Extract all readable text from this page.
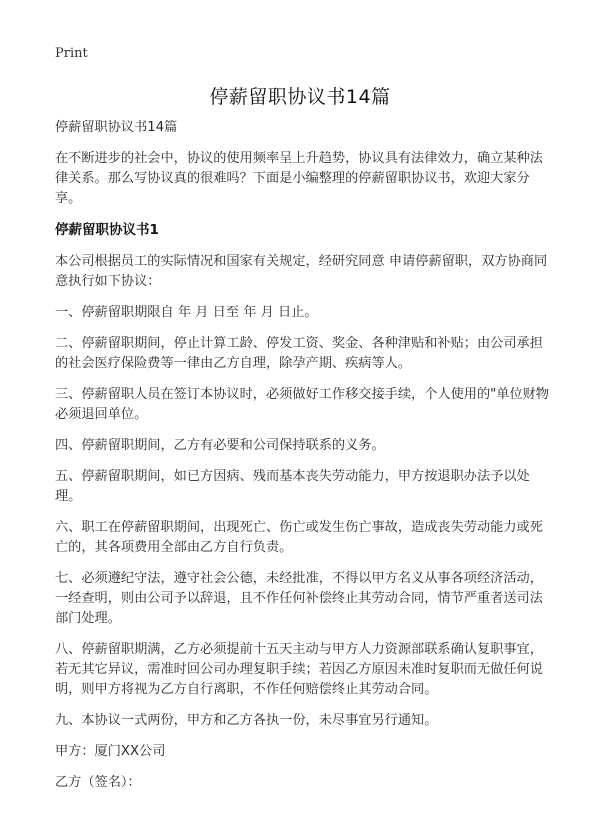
Print
停薪留职协议书14篇
停薪留职协议书14篇
在不断进步的社会中，协议的使用频率呈上升趋势，协议具有法律效力，确立某种法律关系。那么写协议真的很难吗？下面是小编整理的停薪留职协议书，欢迎大家分享。
停薪留职协议书1
本公司根据员工的实际情况和国家有关规定，经研究同意 申请停薪留职，双方协商同意执行如下协议：
一、停薪留职期限自 年 月 日至 年 月 日止。
二、停薪留职期间，停止计算工龄、停发工资、奖金、各种津贴和补贴；由公司承担的社会医疗保险费等一律由乙方自理，除孕产期、疾病等人。
三、停薪留职人员在签订本协议时，必须做好工作移交接手续，个人使用的"单位财物必须退回单位。
四、停薪留职期间，乙方有必要和公司保持联系的义务。
五、停薪留职期间，如已方因病、残而基本丧失劳动能力，甲方按退职办法予以处理。
六、职工在停薪留职期间，出现死亡、伤亡或发生伤亡事故，造成丧失劳动能力或死亡的，其各项费用全部由乙方自行负责。
七、必须遵纪守法，遵守社会公德，未经批准，不得以甲方名义从事各项经济活动，一经查明，则由公司予以辞退，且不作任何补偿终止其劳动合同，情节严重者送司法部门处理。
八、停薪留职期满，乙方必须提前十五天主动与甲方人力资源部联系确认复职事宜，若无其它异议，需准时回公司办理复职手续；若因乙方原因未准时复职而无做任何说明，则甲方将视为乙方自行离职，不作任何赔偿终止其劳动合同。
九、本协议一式两份，甲方和乙方各执一份，未尽事宜另行通知。
甲方：厦门XX公司
乙方（签名）：
